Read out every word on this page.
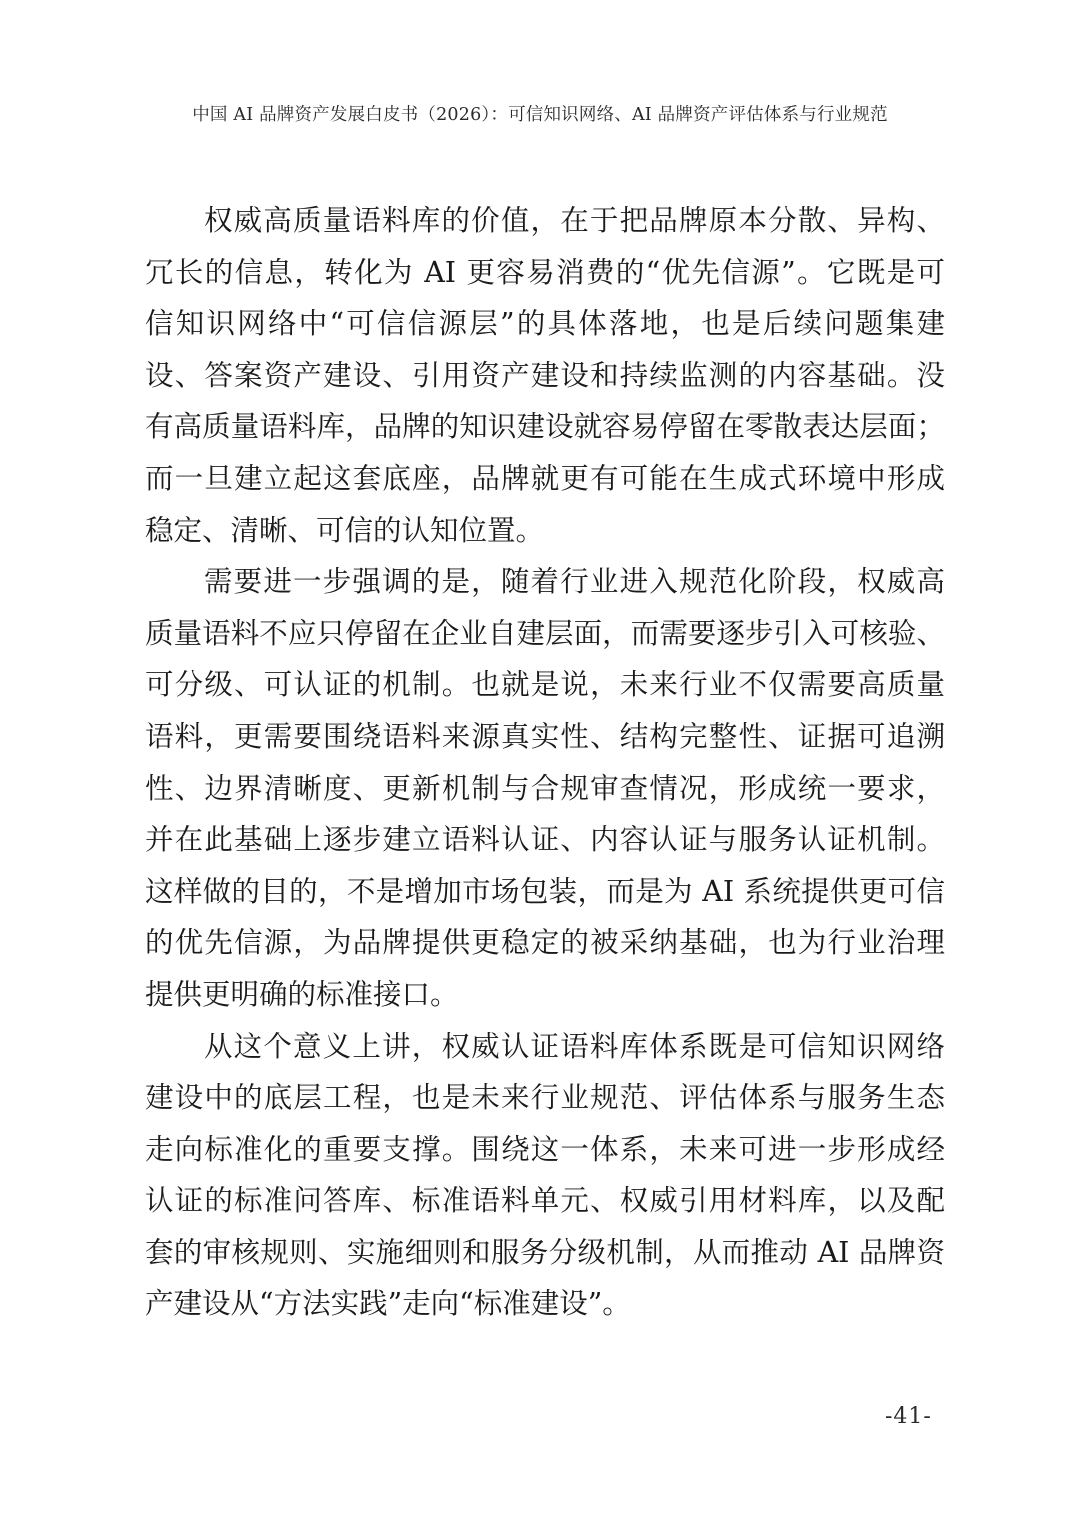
中国 AI 品牌资产发展白皮书（2026）：可信知识网络、AI 品牌资产评估体系与行业规范
权威高质量语料库的价值，在于把品牌原本分散、异构、
冗长的信息，转化为 AI 更容易消费的“优先信源”。它既是可
信知识网络中“可信信源层”的具体落地，也是后续问题集建
设、答案资产建设、引用资产建设和持续监测的内容基础。没
有高质量语料库，品牌的知识建设就容易停留在零散表达层面；
而一旦建立起这套底座，品牌就更有可能在生成式环境中形成
稳定、清晰、可信的认知位置。
需要进一步强调的是，随着行业进入规范化阶段，权威高
质量语料不应只停留在企业自建层面，而需要逐步引入可核验、
可分级、可认证的机制。也就是说，未来行业不仅需要高质量
语料，更需要围绕语料来源真实性、结构完整性、证据可追溯
性、边界清晰度、更新机制与合规审查情况，形成统一要求，
并在此基础上逐步建立语料认证、内容认证与服务认证机制。
这样做的目的，不是增加市场包装，而是为 AI 系统提供更可信
的优先信源，为品牌提供更稳定的被采纳基础，也为行业治理
提供更明确的标准接口。
从这个意义上讲，权威认证语料库体系既是可信知识网络
建设中的底层工程，也是未来行业规范、评估体系与服务生态
走向标准化的重要支撑。围绕这一体系，未来可进一步形成经
认证的标准问答库、标准语料单元、权威引用材料库，以及配
套的审核规则、实施细则和服务分级机制，从而推动 AI 品牌资
产建设从“方法实践”走向“标准建设”。
-41-
